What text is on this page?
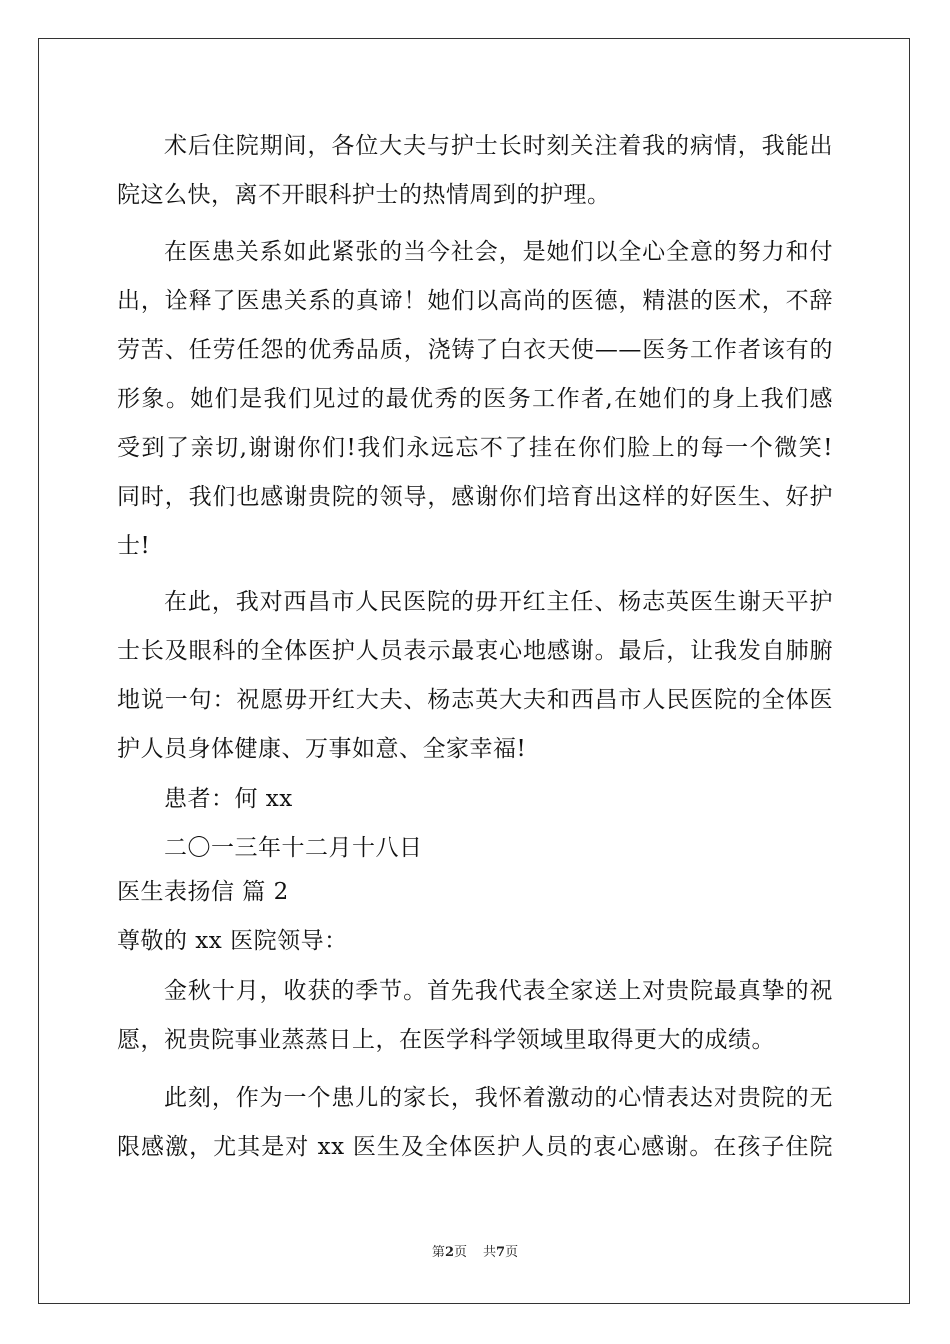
术后住院期间，各位大夫与护士长时刻关注着我的病情，我能出
院这么快，离不开眼科护士的热情周到的护理。
在医患关系如此紧张的当今社会，是她们以全心全意的努力和付
出，诠释了医患关系的真谛！她们以高尚的医德，精湛的医术，不辞
劳苦、任劳任怨的优秀品质，浇铸了白衣天使——医务工作者该有的
形象。她们是我们见过的最优秀的医务工作者,在她们的身上我们感
受到了亲切,谢谢你们!我们永远忘不了挂在你们脸上的每一个微笑!
同时，我们也感谢贵院的领导，感谢你们培育出这样的好医生、好护
士!
在此，我对西昌市人民医院的毋开红主任、杨志英医生谢天平护
士长及眼科的全体医护人员表示最衷心地感谢。最后，让我发自肺腑
地说一句：祝愿毋开红大夫、杨志英大夫和西昌市人民医院的全体医
护人员身体健康、万事如意、全家幸福!
患者：何 xx
二〇一三年十二月十八日
医生表扬信 篇 2
尊敬的 xx 医院领导：
金秋十月，收获的季节。首先我代表全家送上对贵院最真挚的祝
愿，祝贵院事业蒸蒸日上，在医学科学领域里取得更大的成绩。
此刻，作为一个患儿的家长，我怀着激动的心情表达对贵院的无
限感激，尤其是对 xx 医生及全体医护人员的衷心感谢。在孩子住院
第2页 共7页
